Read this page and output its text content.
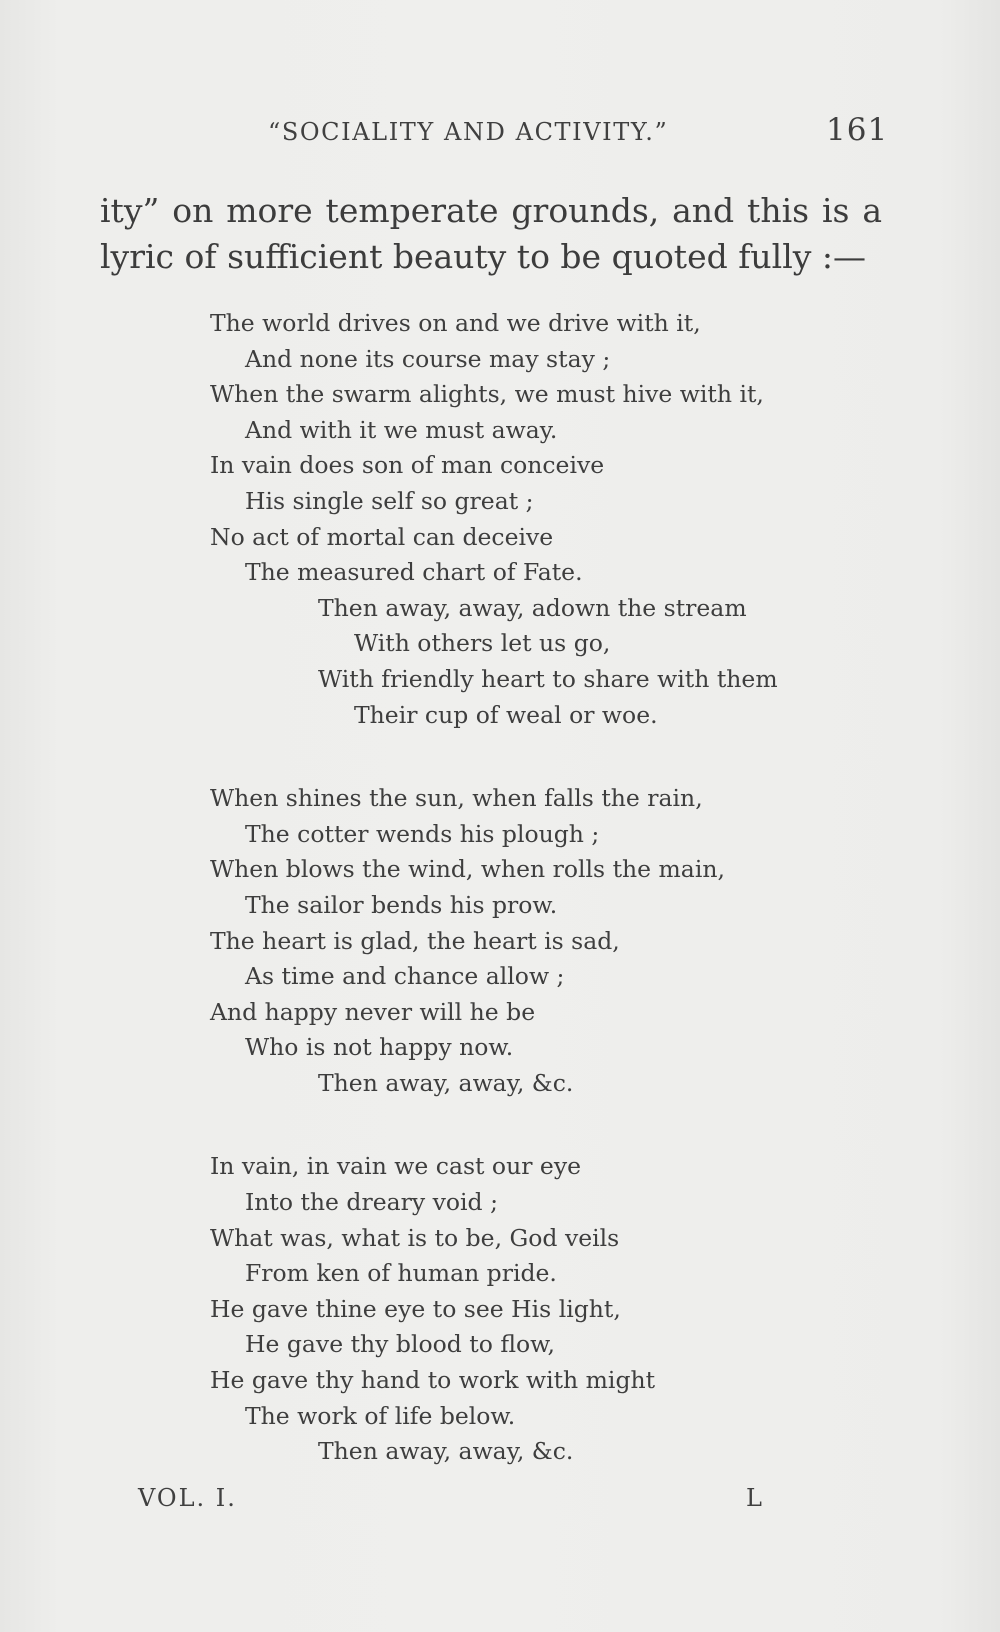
“SOCIALITY AND ACTIVITY.”	161
ity” on more temperate grounds, and this is a
lyric of sufficient beauty to be quoted fully :—
The world drives on and we drive with it,
And none its course may stay ;
When the swarm alights, we must hive with it,
And with it we must away.
In vain does son of man conceive
His single self so great ;
No act of mortal can deceive
The measured chart of Fate.
Then away, away, adown the stream
With others let us go,
With friendly heart to share with them
Their cup of weal or woe.
When shines the sun, when falls the rain,
The cotter wends his plough ;
When blows the wind, when rolls the main,
The sailor bends his prow.
The heart is glad, the heart is sad,
As time and chance allow ;
And happy never will he be
Who is not happy now.
Then away, away, &c.
In vain, in vain we cast our eye
Into the dreary void ;
What was, what is to be, God veils
From ken of human pride.
He gave thine eye to see His light,
He gave thy blood to flow,
He gave thy hand to work with might
The work of life below.
Then away, away, &c.
VOL. I.	L
